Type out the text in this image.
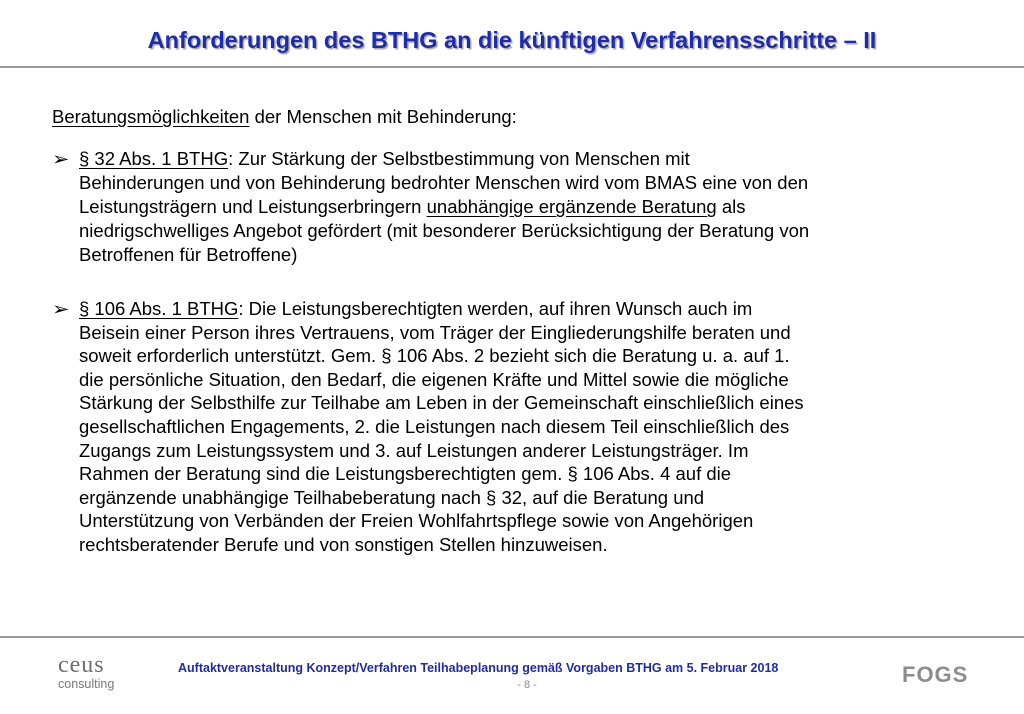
Anforderungen des BTHG an die künftigen Verfahrensschritte – II
Beratungsmöglichkeiten der Menschen mit Behinderung:
➢ § 32 Abs. 1 BTHG: Zur Stärkung der Selbstbestimmung von Menschen mit
Behinderungen und von Behinderung bedrohter Menschen wird vom BMAS eine von den
Leistungsträgern und Leistungserbringern unabhängige ergänzende Beratung als
niedrigschwelliges Angebot gefördert (mit besonderer Berücksichtigung der Beratung von
Betroffenen für Betroffene)
➢ § 106 Abs. 1 BTHG: Die Leistungsberechtigten werden, auf ihren Wunsch auch im
Beisein einer Person ihres Vertrauens, vom Träger der Eingliederungshilfe beraten und
soweit erforderlich unterstützt. Gem. § 106 Abs. 2 bezieht sich die Beratung u. a. auf 1.
die persönliche Situation, den Bedarf, die eigenen Kräfte und Mittel sowie die mögliche
Stärkung der Selbsthilfe zur Teilhabe am Leben in der Gemeinschaft einschließlich eines
gesellschaftlichen Engagements, 2. die Leistungen nach diesem Teil einschließlich des
Zugangs zum Leistungssystem und 3. auf Leistungen anderer Leistungsträger. Im
Rahmen der Beratung sind die Leistungsberechtigten gem. § 106 Abs. 4 auf die
ergänzende unabhängige Teilhabeberatung nach § 32, auf die Beratung und
Unterstützung von Verbänden der Freien Wohlfahrtspflege sowie von Angehörigen
rechtsberatender Berufe und von sonstigen Stellen hinzuweisen.
ceus
consulting
Auftaktveranstaltung Konzept/Verfahren Teilhabeplanung gemäß Vorgaben BTHG am 5. Februar 2018
- 8 -	FOGS
